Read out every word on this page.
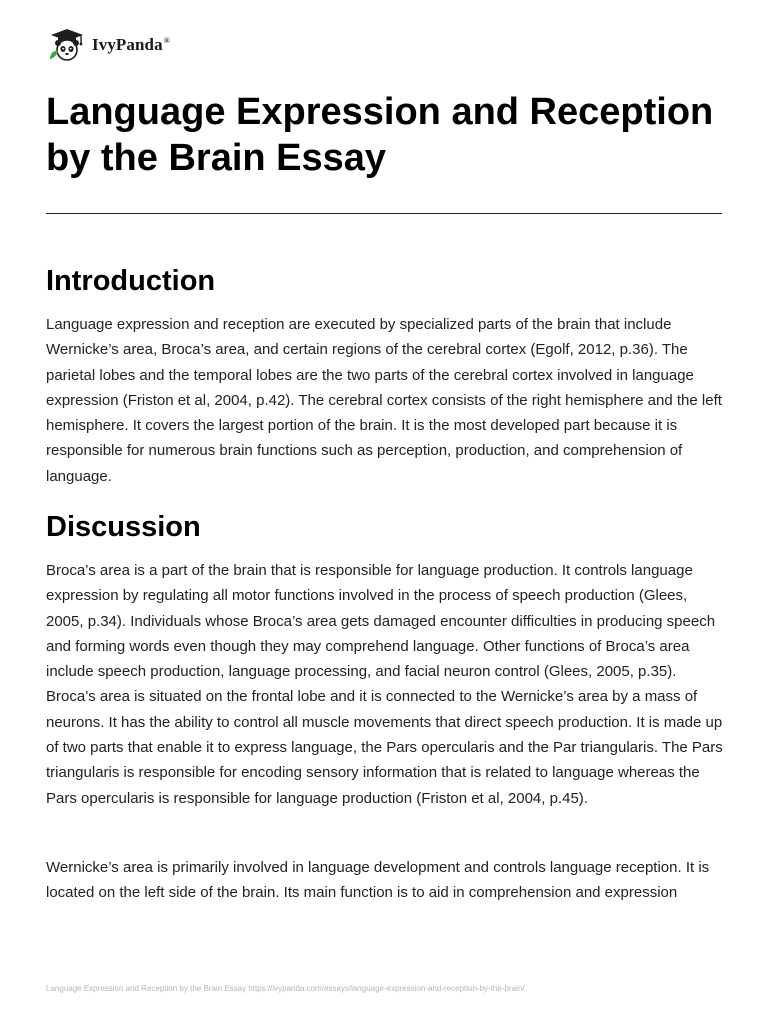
IvyPanda®
Language Expression and Reception by the Brain Essay
Introduction

Language expression and reception are executed by specialized parts of the brain that include Wernicke’s area, Broca’s area, and certain regions of the cerebral cortex (Egolf, 2012, p.36). The parietal lobes and the temporal lobes are the two parts of the cerebral cortex involved in language expression (Friston et al, 2004, p.42). The cerebral cortex consists of the right hemisphere and the left hemisphere. It covers the largest portion of the brain. It is the most developed part because it is responsible for numerous brain functions such as perception, production, and comprehension of language.

Discussion

Broca’s area is a part of the brain that is responsible for language production. It controls language expression by regulating all motor functions involved in the process of speech production (Glees, 2005, p.34). Individuals whose Broca’s area gets damaged encounter difficulties in producing speech and forming words even though they may comprehend language. Other functions of Broca’s area include speech production, language processing, and facial neuron control (Glees, 2005, p.35). Broca’s area is situated on the frontal lobe and it is connected to the Wernicke’s area by a mass of neurons. It has the ability to control all muscle movements that direct speech production. It is made up of two parts that enable it to express language, the Pars opercularis and the Par triangularis. The Pars triangularis is responsible for encoding sensory information that is related to language whereas the Pars opercularis is responsible for language production (Friston et al, 2004, p.45).

Wernicke’s area is primarily involved in language development and controls language reception. It is located on the left side of the brain. Its main function is to aid in comprehension and expression

Language Expression and Reception by the Brain Essay https://ivypanda.com/essays/language-expression-and-reception-by-the-brain/
